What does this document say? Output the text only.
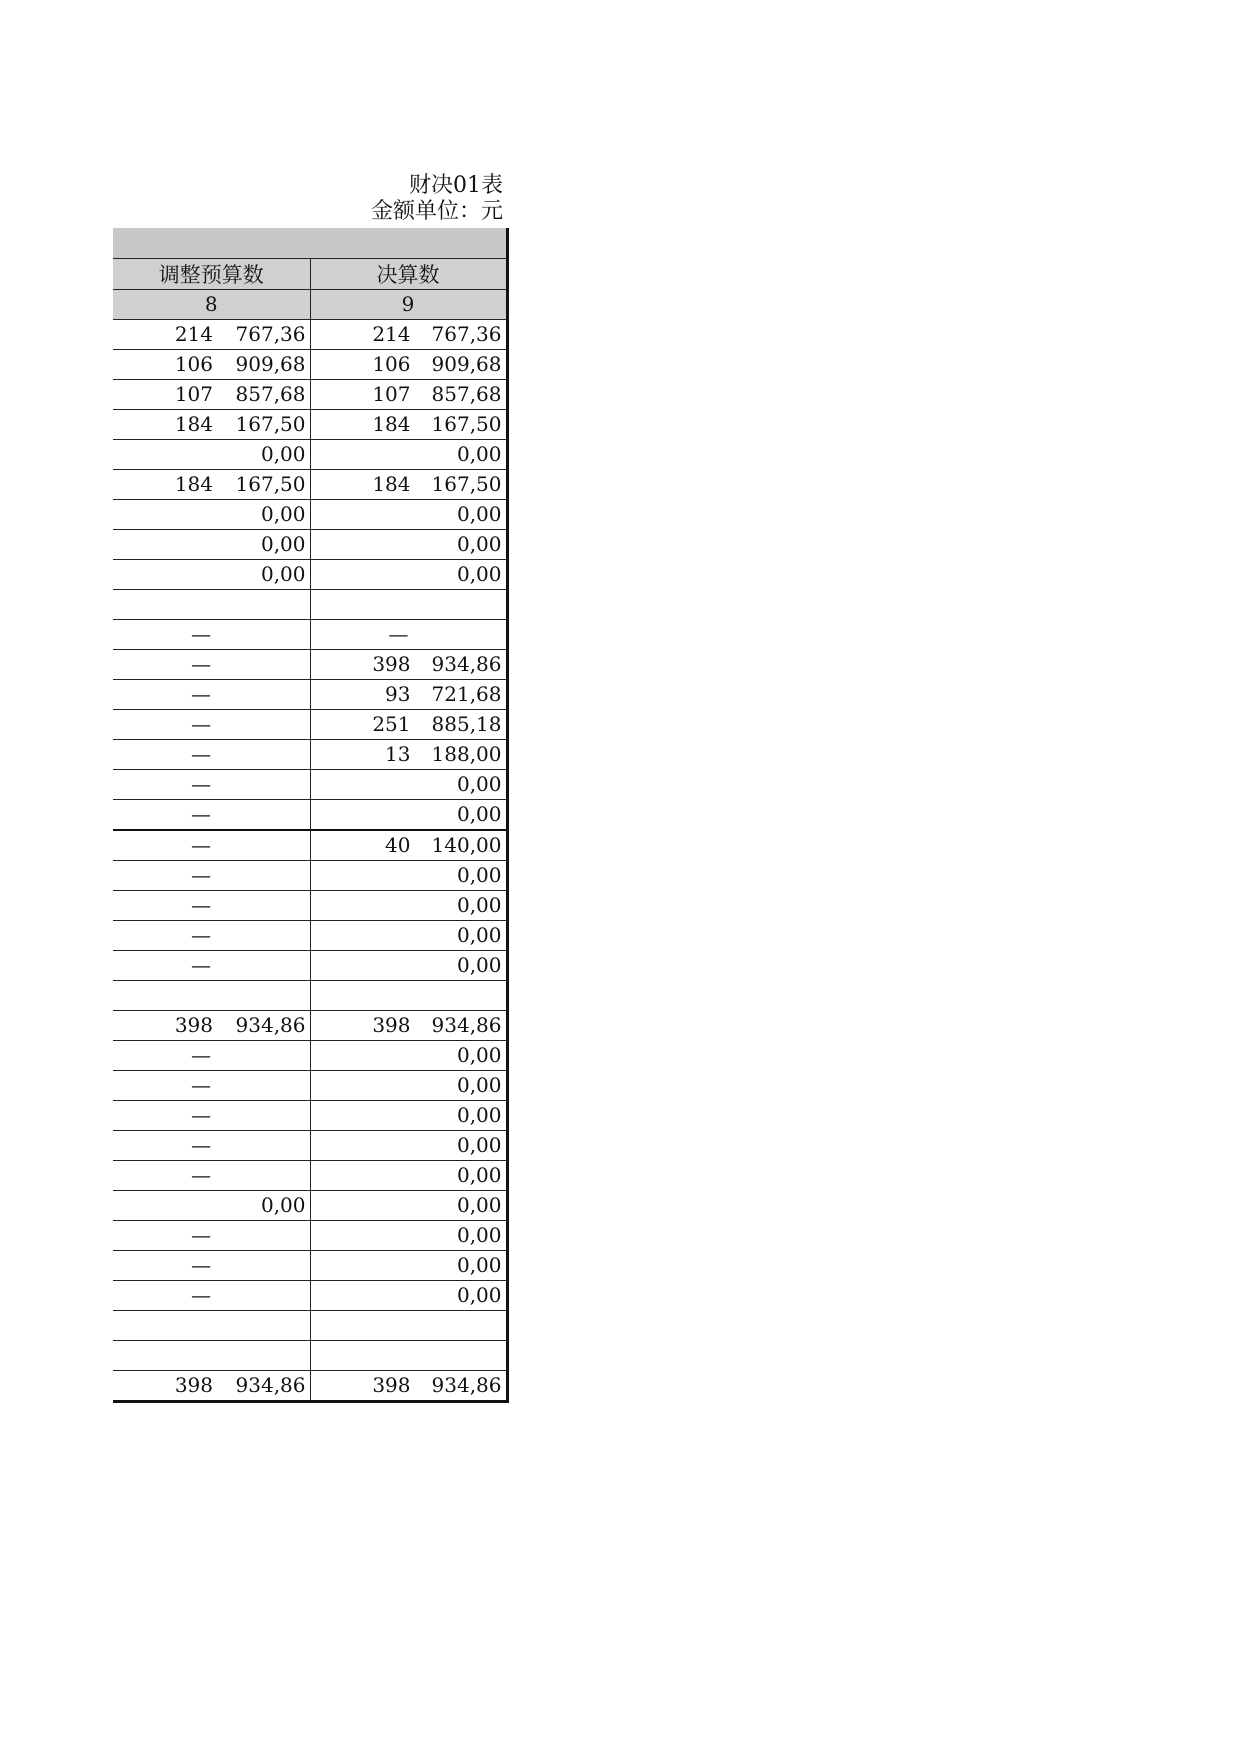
财决01表
金额单位：元

调整预算数	决算数
8	9

214 767,36	214 767,36

106 909,68	106 909,68

107 857,68	107 857,68

184 167,50	184 167,50

0,00	0,00

184 167,50	184 167,50

0,00	0,00

0,00	0,00

0,00	0,00

—	—

—	398 934,86

—	93 721,68

—	251 885,18

—	13 188,00

—	0,00

—	0,00

—	40 140,00

—	0,00

—	0,00

—	0,00

—	0,00

398 934,86	398 934,86

—	0,00

—	0,00

—	0,00

—	0,00

—	0,00

0,00	0,00

—	0,00

—	0,00

—	0,00

398 934,86	398 934,86
